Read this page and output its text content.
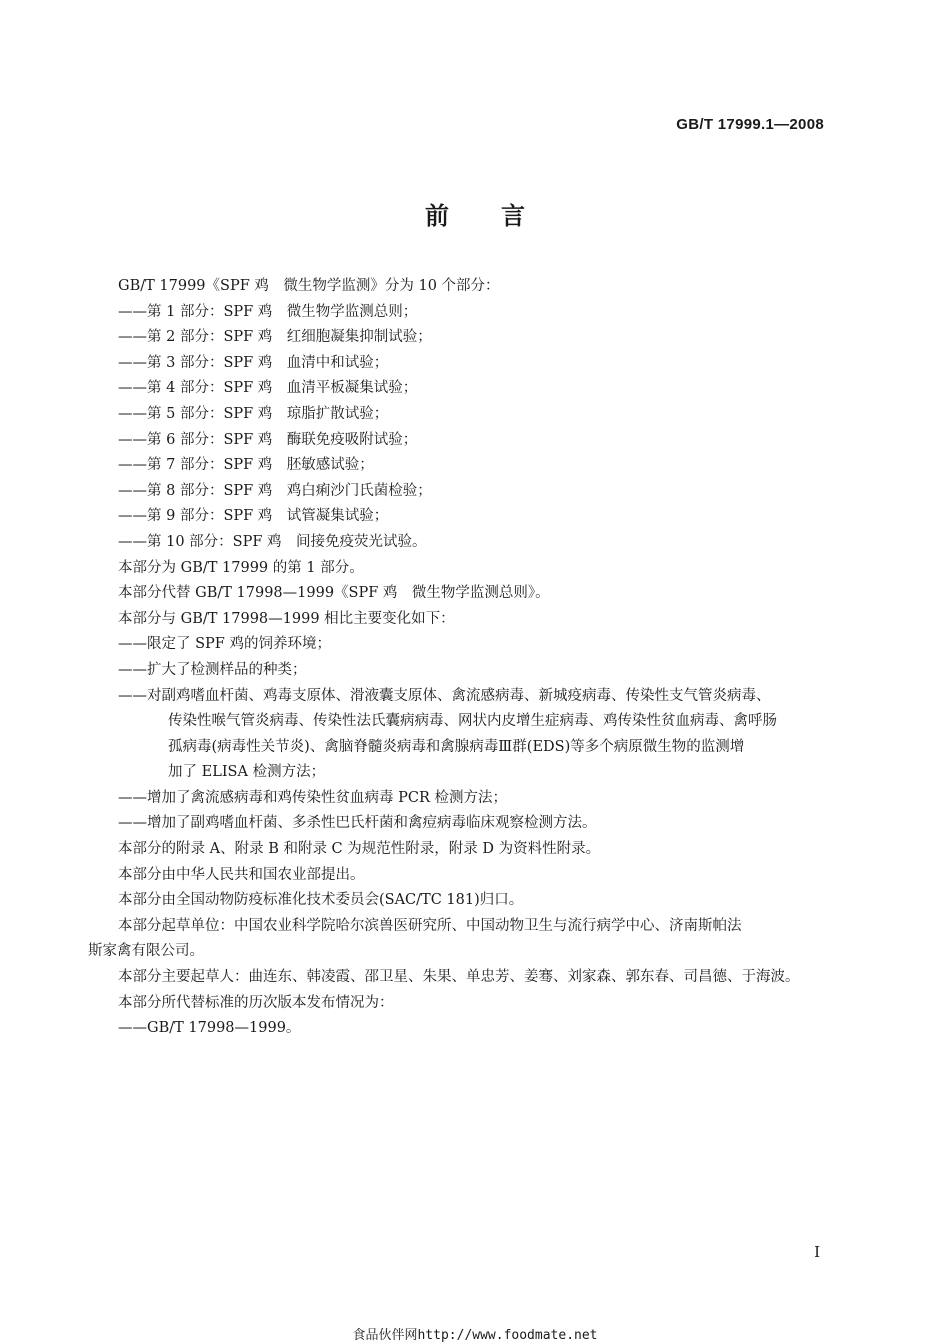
GB/T 17999.1—2008
前言
GB/T 17999《SPF 鸡　微生物学监测》分为 10 个部分：
——第 1 部分：SPF 鸡　微生物学监测总则；
——第 2 部分：SPF 鸡　红细胞凝集抑制试验；
——第 3 部分：SPF 鸡　血清中和试验；
——第 4 部分：SPF 鸡　血清平板凝集试验；
——第 5 部分：SPF 鸡　琼脂扩散试验；
——第 6 部分：SPF 鸡　酶联免疫吸附试验；
——第 7 部分：SPF 鸡　胚敏感试验；
——第 8 部分：SPF 鸡　鸡白痢沙门氏菌检验；
——第 9 部分：SPF 鸡　试管凝集试验；
——第 10 部分：SPF 鸡　间接免疫荧光试验。
本部分为 GB/T 17999 的第 1 部分。
本部分代替 GB/T 17998—1999《SPF 鸡　微生物学监测总则》。
本部分与 GB/T 17998—1999 相比主要变化如下：
——限定了 SPF 鸡的饲养环境；
——扩大了检测样品的种类；
——对副鸡嗜血杆菌、鸡毒支原体、滑液囊支原体、禽流感病毒、新城疫病毒、传染性支气管炎病毒、
传染性喉气管炎病毒、传染性法氏囊病病毒、网状内皮增生症病毒、鸡传染性贫血病毒、禽呼肠
孤病毒(病毒性关节炎)、禽脑脊髓炎病毒和禽腺病毒Ⅲ群(EDS)等多个病原微生物的监测增
加了 ELISA 检测方法；
——增加了禽流感病毒和鸡传染性贫血病毒 PCR 检测方法；
——增加了副鸡嗜血杆菌、多杀性巴氏杆菌和禽痘病毒临床观察检测方法。
本部分的附录 A、附录 B 和附录 C 为规范性附录，附录 D 为资料性附录。
本部分由中华人民共和国农业部提出。
本部分由全国动物防疫标准化技术委员会(SAC/TC 181)归口。
本部分起草单位：中国农业科学院哈尔滨兽医研究所、中国动物卫生与流行病学中心、济南斯帕法
斯家禽有限公司。
本部分主要起草人：曲连东、韩凌霞、邵卫星、朱果、单忠芳、姜骞、刘家森、郭东春、司昌德、于海波。
本部分所代替标准的历次版本发布情况为：
——GB/T 17998—1999。
I
食品伙伴网http://www.foodmate.net
